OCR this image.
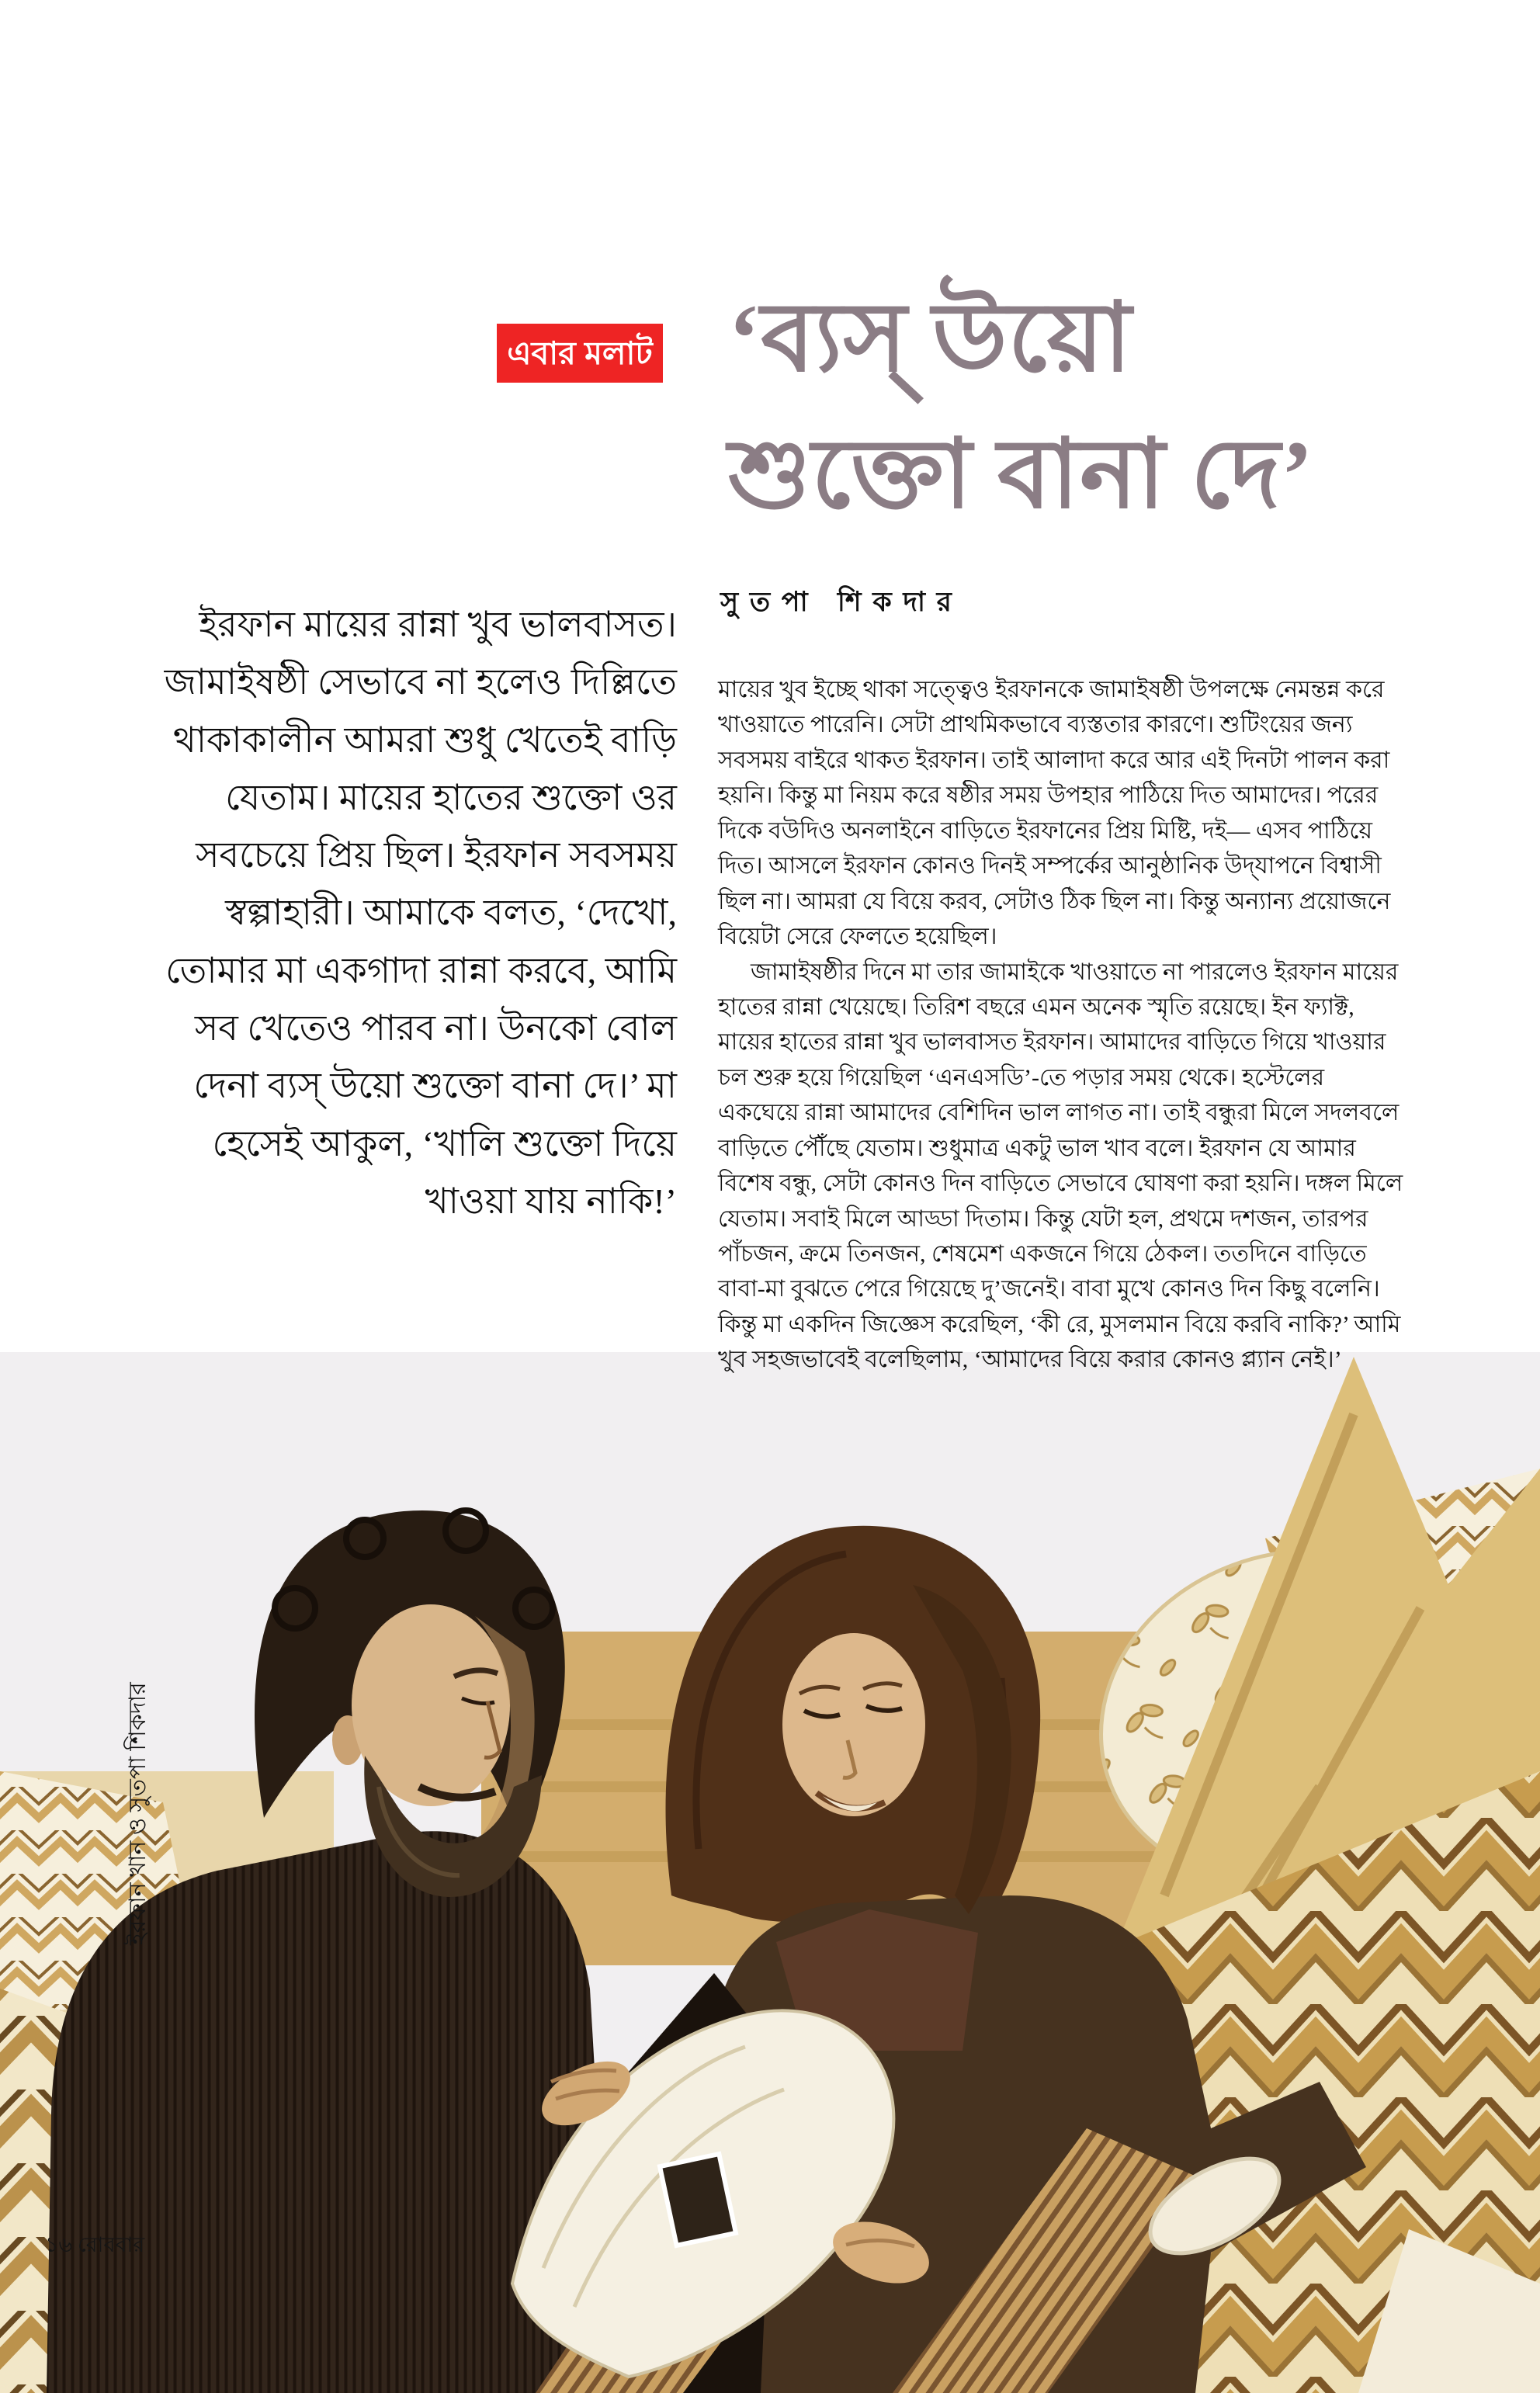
এবার মলাট ‘ব্যস্‌ উয়ো
শুক্তো বানা দে’
সুতপা শিকদার
ইরফান মায়ের রান্না খুব ভালবাসত। জামাইষষ্ঠী সেভাবে না হলেও দিল্লিতে থাকাকালীন আমরা শুধু খেতেই বাড়ি যেতাম। মায়ের হাতের শুক্তো ওর সবচেয়ে প্রিয় ছিল। ইরফান সবসময় স্বল্পাহারী। আমাকে বলত, ‘দেখো, তোমার মা একগাদা রান্না করবে, আমি সব খেতেও পারব না। উনকো বোল দেনা ব্যস্‌ উয়ো শুক্তো বানা দে।’ মা হেসেই আকুল, ‘খালি শুক্তো দিয়ে খাওয়া যায় নাকি!’

মায়ের খুব ইচ্ছে থাকা সত্ত্বেও ইরফানকে জামাইষষ্ঠী উপলক্ষে নেমন্তন্ন করে খাওয়াতে পারেনি। সেটা প্রাথমিকভাবে ব্যস্ততার কারণে। শুটিংয়ের জন্য সবসময় বাইরে থাকত ইরফান। তাই আলাদা করে আর এই দিনটা পালন করা হয়নি। কিন্তু মা নিয়ম করে ষষ্ঠীর সময় উপহার পাঠিয়ে দিত আমাদের। পরের দিকে বউদিও অনলাইনে বাড়িতে ইরফানের প্রিয় মিষ্টি, দই— এসব পাঠিয়ে দিত। আসলে ইরফান কোনও দিনই সম্পর্কের আনুষ্ঠানিক উদ্‌যাপনে বিশ্বাসী ছিল না। আমরা যে বিয়ে করব, সেটাও ঠিক ছিল না। কিন্তু অন্যান্য প্রয়োজনে বিয়েটা সেরে ফেলতে হয়েছিল।

জামাইষষ্ঠীর দিনে মা তার জামাইকে খাওয়াতে না পারলেও ইরফান মায়ের হাতের রান্না খেয়েছে। তিরিশ বছরে এমন অনেক স্মৃতি রয়েছে। ইন ফ্যাক্ট, মায়ের হাতের রান্না খুব ভালবাসত ইরফান। আমাদের বাড়িতে গিয়ে খাওয়ার চল শুরু হয়ে গিয়েছিল ‘এনএসডি’-তে পড়ার সময় থেকে। হস্টেলের একঘেয়ে রান্না আমাদের বেশিদিন ভাল লাগত না। তাই বন্ধুরা মিলে সদলবলে বাড়িতে পৌঁছে যেতাম। শুধুমাত্র একটু ভাল খাব বলে। ইরফান যে আমার বিশেষ বন্ধু, সেটা কোনও দিন বাড়িতে সেভাবে ঘোষণা করা হয়নি। দঙ্গল মিলে যেতাম। সবাই মিলে আড্ডা দিতাম। কিন্তু যেটা হল, প্রথমে দশজন, তারপর পাঁচজন, ক্রমে তিনজন, শেষমেশ একজনে গিয়ে ঠেকল। ততদিনে বাড়িতে বাবা-মা বুঝতে পেরে গিয়েছে দু’জনেই। বাবা মুখে কোনও দিন কিছু বলেনি। কিন্তু মা একদিন জিজ্ঞেস করেছিল, ‘কী রে, মুসলমান বিয়ে করবি নাকি?’ আমি খুব সহজভাবেই বলেছিলাম, ‘আমাদের বিয়ে করার কোনও প্ল্যান নেই।’

ইরফান খান ও সুতপা শিকদার
১৬ রোববার
